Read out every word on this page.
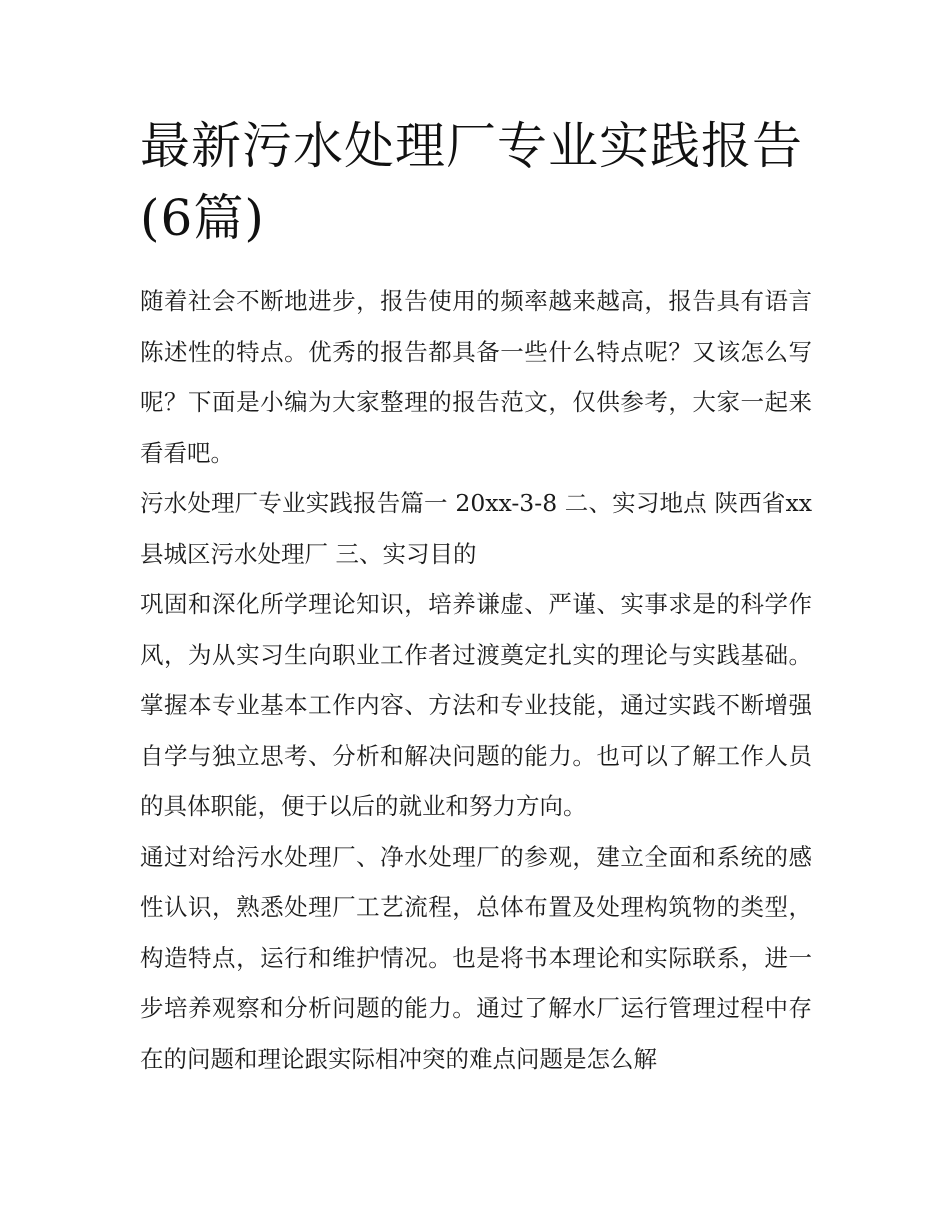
最新污水处理厂专业实践报告(6篇)

随着社会不断地进步，报告使用的频率越来越高，报告具有语言陈述性的特点。优秀的报告都具备一些什么特点呢？又该怎么写呢？下面是小编为大家整理的报告范文，仅供参考，大家一起来看看吧。

污水处理厂专业实践报告篇一 20xx-3-8 二、实习地点 陕西省xx县城区污水处理厂 三、实习目的

巩固和深化所学理论知识，培养谦虚、严谨、实事求是的科学作风，为从实习生向职业工作者过渡奠定扎实的理论与实践基础。掌握本专业基本工作内容、方法和专业技能，通过实践不断增强自学与独立思考、分析和解决问题的能力。也可以了解工作人员的具体职能，便于以后的就业和努力方向。

通过对给污水处理厂、净水处理厂的参观，建立全面和系统的感性认识，熟悉处理厂工艺流程，总体布置及处理构筑物的类型，构造特点，运行和维护情况。也是将书本理论和实际联系，进一步培养观察和分析问题的能力。通过了解水厂运行管理过程中存在的问题和理论跟实际相冲突的难点问题是怎么解
